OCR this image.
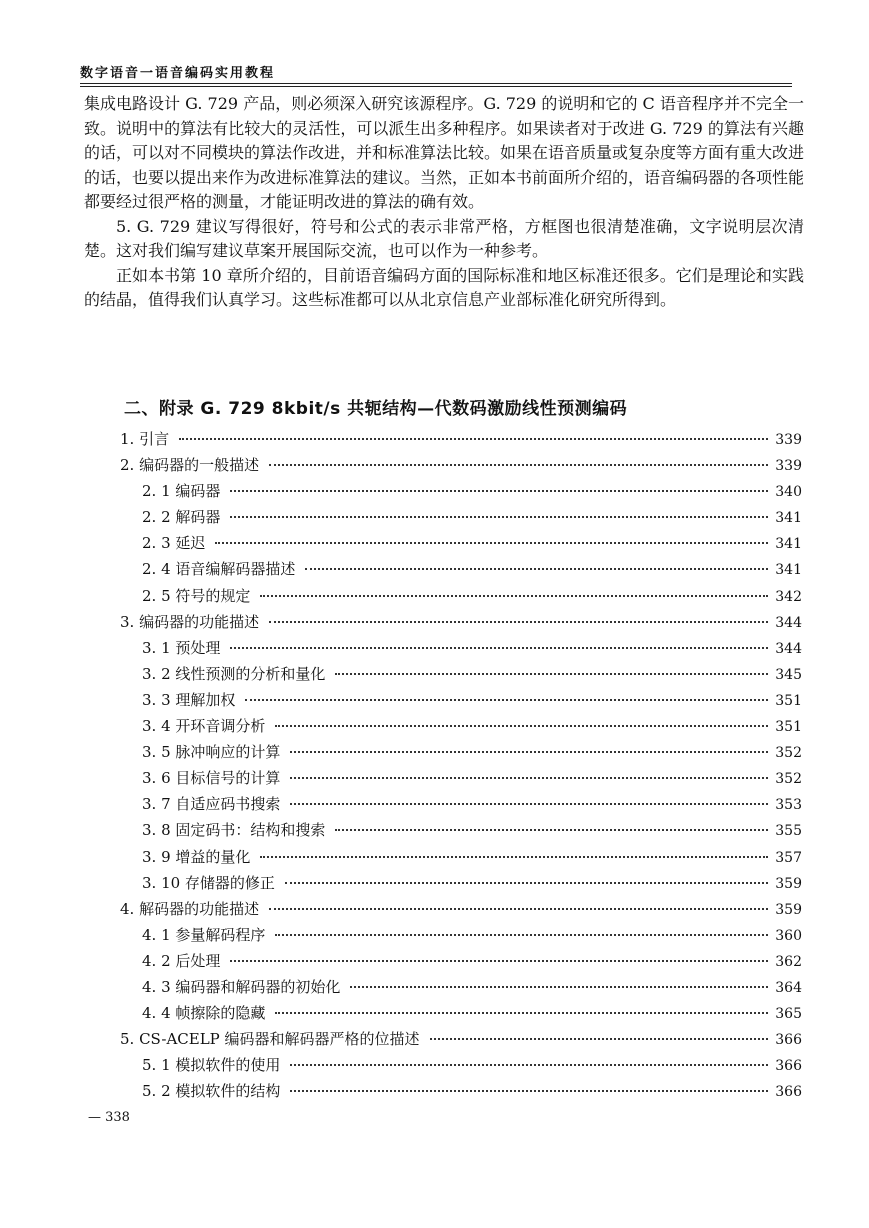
数字语音一语音编码实用教程

集成电路设计 G. 729 产品，则必须深入研究该源程序。G. 729 的说明和它的 C 语音程序并不完全一致。说明中的算法有比较大的灵活性，可以派生出多种程序。如果读者对于改进 G. 729 的算法有兴趣的话，可以对不同模块的算法作改进，并和标准算法比较。如果在语音质量或复杂度等方面有重大改进的话，也要以提出来作为改进标准算法的建议。当然，正如本书前面所介绍的，语音编码器的各项性能都要经过很严格的测量，才能证明改进的算法的确有效。

5. G. 729 建议写得很好，符号和公式的表示非常严格，方框图也很清楚准确，文字说明层次清楚。这对我们编写建议草案开展国际交流，也可以作为一种参考。

正如本书第 10 章所介绍的，目前语音编码方面的国际标准和地区标准还很多。它们是理论和实践的结晶，值得我们认真学习。这些标准都可以从北京信息产业部标准化研究所得到。

二、附录 G. 729 8kbit/s 共轭结构—代数码激励线性预测编码
1. 引言	339
2. 编码器的一般描述	339
2. 1 编码器	340
2. 2 解码器	341
2. 3 延迟	341
2. 4 语音编解码器描述	341
2. 5 符号的规定	342
3. 编码器的功能描述	344
3. 1 预处理	344
3. 2 线性预测的分析和量化	345
3. 3 理解加权	351
3. 4 开环音调分析	351
3. 5 脉冲响应的计算	352
3. 6 目标信号的计算	352
3. 7 自适应码书搜索	353
3. 8 固定码书：结构和搜索	355
3. 9 增益的量化	357
3. 10 存储器的修正	359
4. 解码器的功能描述	359
4. 1 参量解码程序	360
4. 2 后处理	362
4. 3 编码器和解码器的初始化	364
4. 4 帧擦除的隐藏	365
5. CS-ACELP 编码器和解码器严格的位描述	366
5. 1 模拟软件的使用	366
5. 2 模拟软件的结构	366
— 338
